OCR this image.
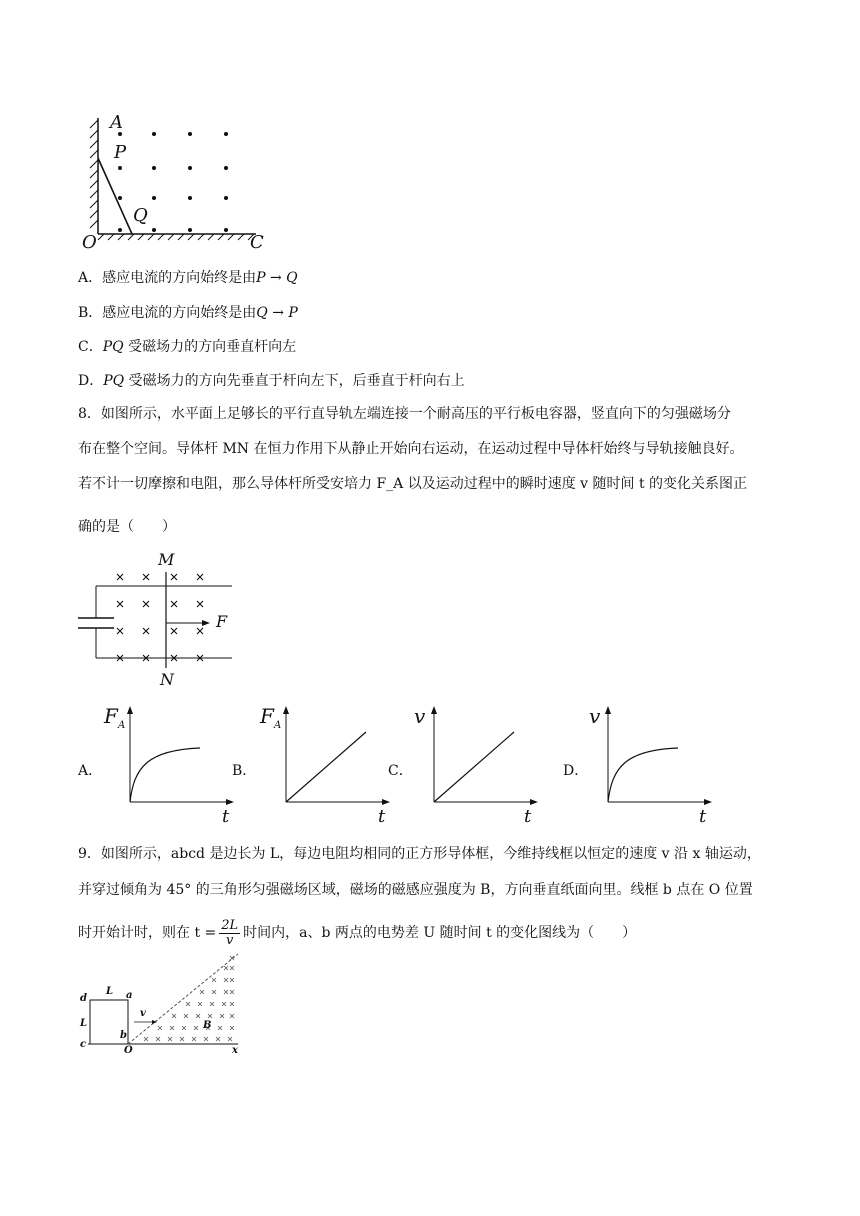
A
P
Q
O	C
A．感应电流的方向始终是由P → Q
B．感应电流的方向始终是由Q → P
C．PQ 受磁场力的方向垂直杆向左
D．PQ 受磁场力的方向先垂直于杆向左下，后垂直于杆向右上
8．如图所示，水平面上足够长的平行直导轨左端连接一个耐高压的平行板电容器，竖直向下的匀强磁场分
布在整个空间。导体杆 MN 在恒力作用下从静止开始向右运动，在运动过程中导体杆始终与导轨接触良好。
若不计一切摩擦和电阻，那么导体杆所受安培力 F_A 以及运动过程中的瞬时速度 v 随时间 t 的变化关系图正
确的是（　　）
M
N
F
A．
F A
t
B．
F A
t
C．
v
t
D．
v
t
9．如图所示，abcd 是边长为 L，每边电阻均相同的正方形导体框，今维持线框以恒定的速度 v 沿 x 轴运动，
并穿过倾角为 45° 的三角形匀强磁场区域，磁场的磁感应强度为 B，方向垂直纸面向里。线框 b 点在 O 位置
时开始计时，则在 $t = \frac{2L}{v}$ 时间内，a、b 两点的电势差 U 随时间 t 的变化图线为（　　）
d
L a
L
v
b
c
O
B
x
